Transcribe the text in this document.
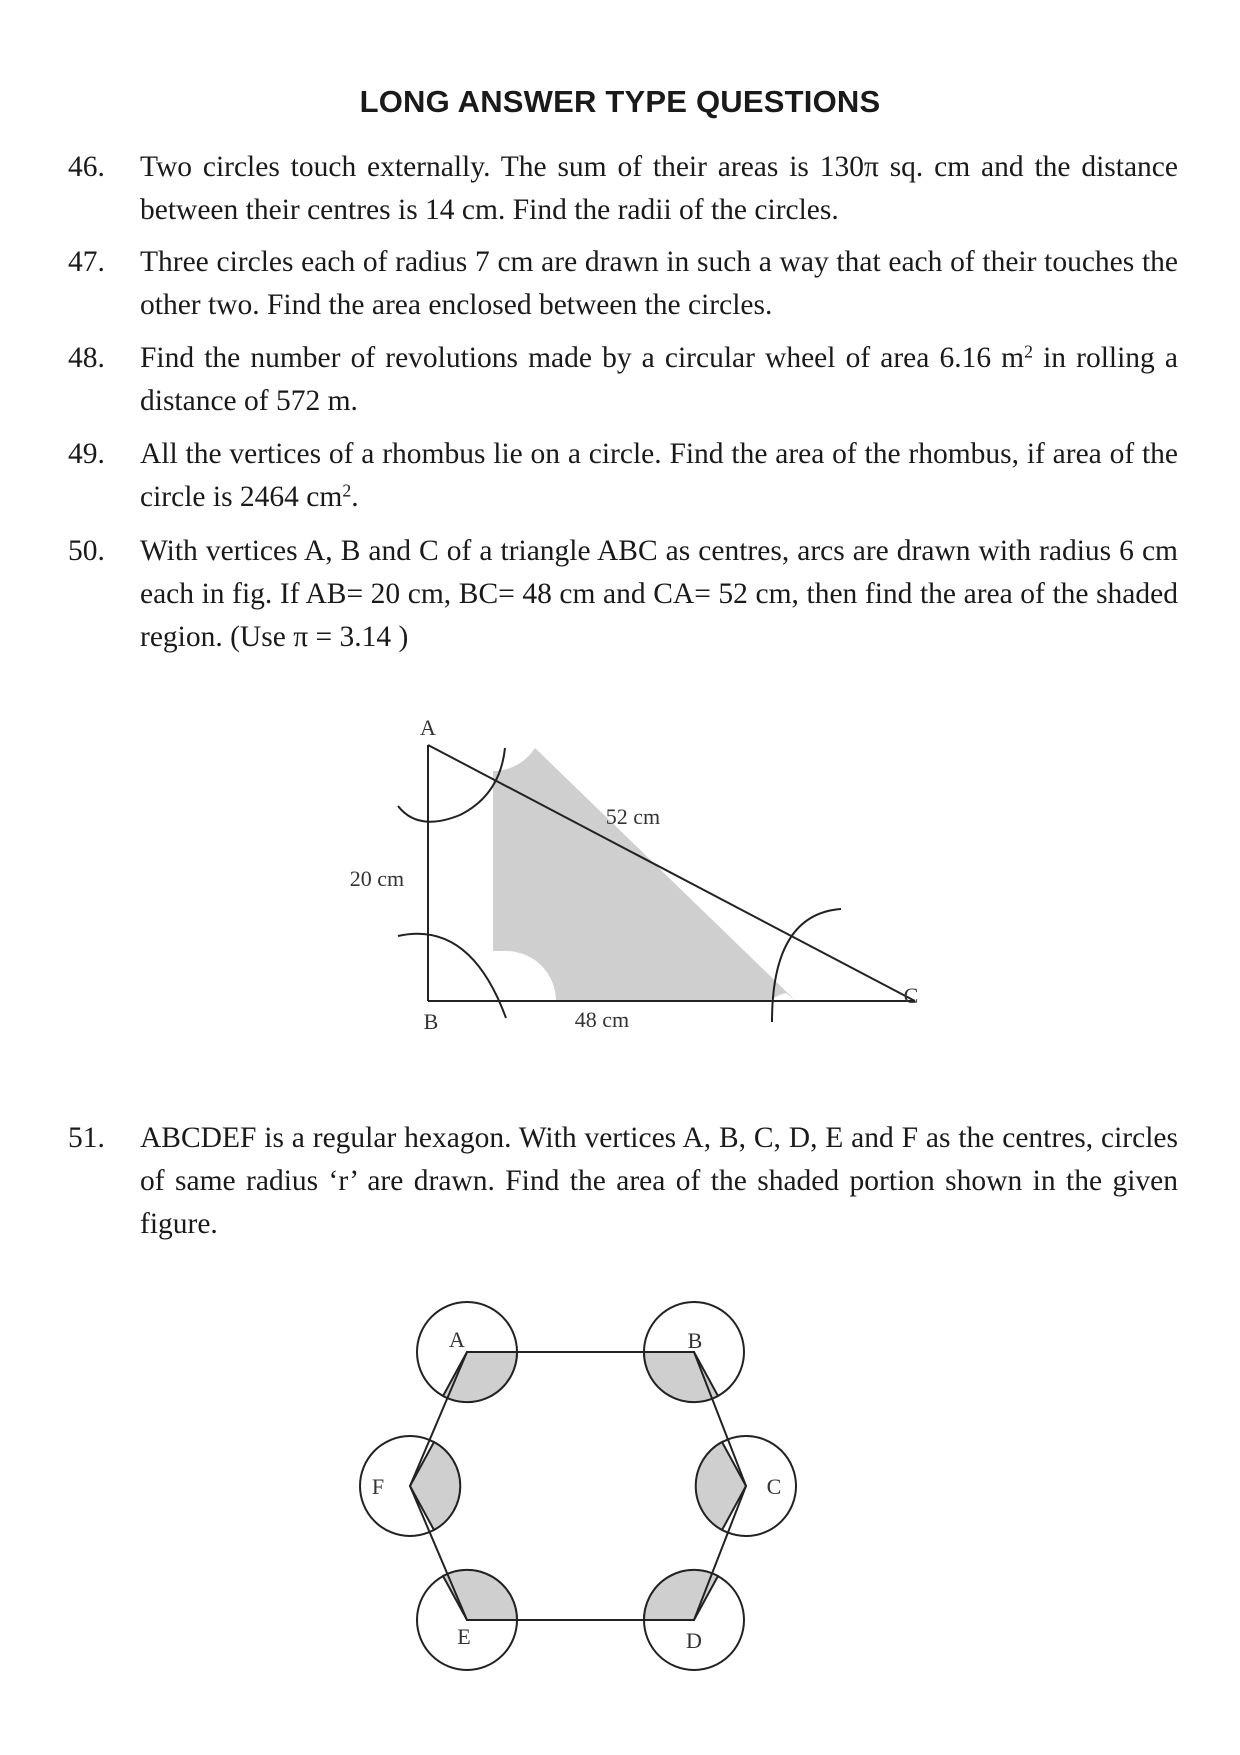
LONG ANSWER TYPE QUESTIONS
46. Two circles touch externally. The sum of their areas is 130π sq. cm and the distance between their centres is 14 cm. Find the radii of the circles.
47. Three circles each of radius 7 cm are drawn in such a way that each of their touches the other two. Find the area enclosed between the circles.
48. Find the number of revolutions made by a circular wheel of area 6.16 $m^2$ in rolling a distance of 572 m.
49. All the vertices of a rhombus lie on a circle. Find the area of the rhombus, if area of the circle is 2464 $cm^2$.
50. With vertices A, B and C of a triangle ABC as centres, arcs are drawn with radius 6 cm each in fig. If AB= 20 cm, BC= 48 cm and CA= 52 cm, then find the area of the shaded region. (Use π = 3.14 )
A
B
C
20 cm
48 cm
52 cm
51. ABCDEF is a regular hexagon. With vertices A, B, C, D, E and F as the centres, circles of same radius ‘r’ are drawn. Find the area of the shaded portion shown in the given figure.
A	B
C
D
E
F
